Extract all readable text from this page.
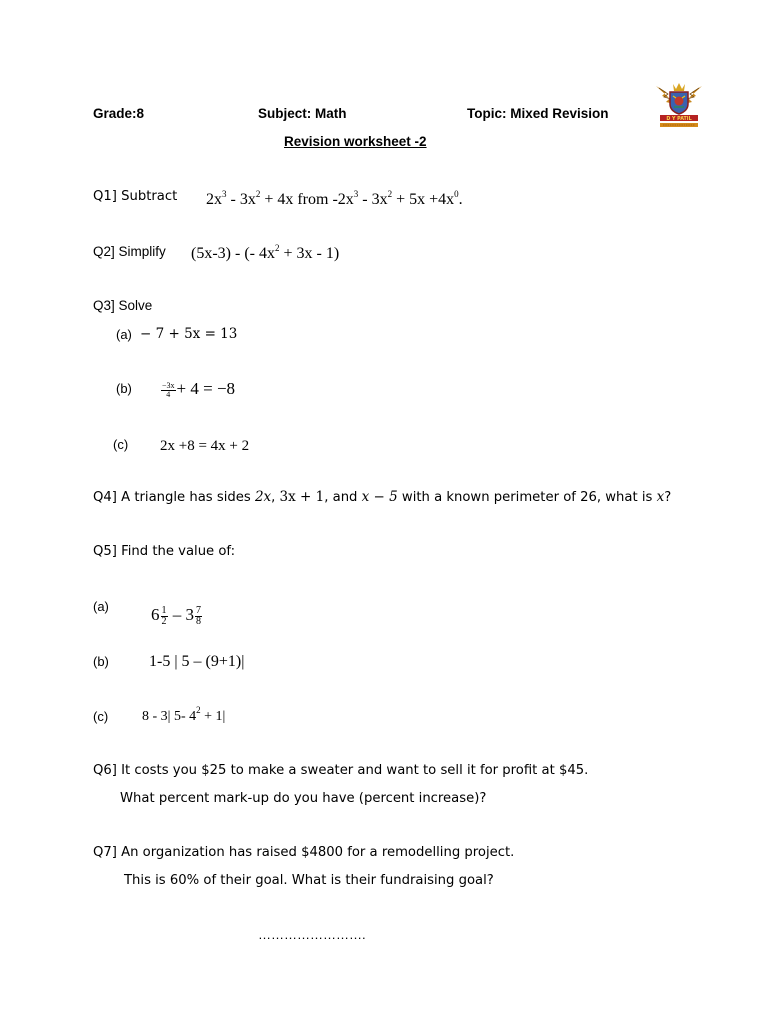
Grade:8	Subject: Math	Topic: Mixed Revision	D Y PATIL
Revision worksheet -2
Q1] Subtract $2x^3 - 3x^2 + 4x$ from $-2x^3 - 3x^2 + 5x +4x^0$.
Q2] Simplify (5x-3) - (- $4x^2 + 3x - 1$)
Q3] Solve
(a) − 7 + 5x = 13
(b)	$\frac{-3x}{4} + 4 = -8$
(c) 2x +8 = 4x + 2
Q4] A triangle has sides 2x, 3x + 1, and x − 5 with a known perimeter of 26, what is x?
Q5] Find the value of:
(a) $6 \frac{1}{2} - 3 \frac{7}{8}$
(b)	1-5 | 5 – (9+1)|
(c) 8 - 3| 5- $4^2 + 1|$
Q6] It costs you $25 to make a sweater and want to sell it for profit at $45.
What percent mark-up do you have (percent increase)?
Q7] An organization has raised $4800 for a remodelling project.
This is 60% of their goal. What is their fundraising goal?
…………………….
